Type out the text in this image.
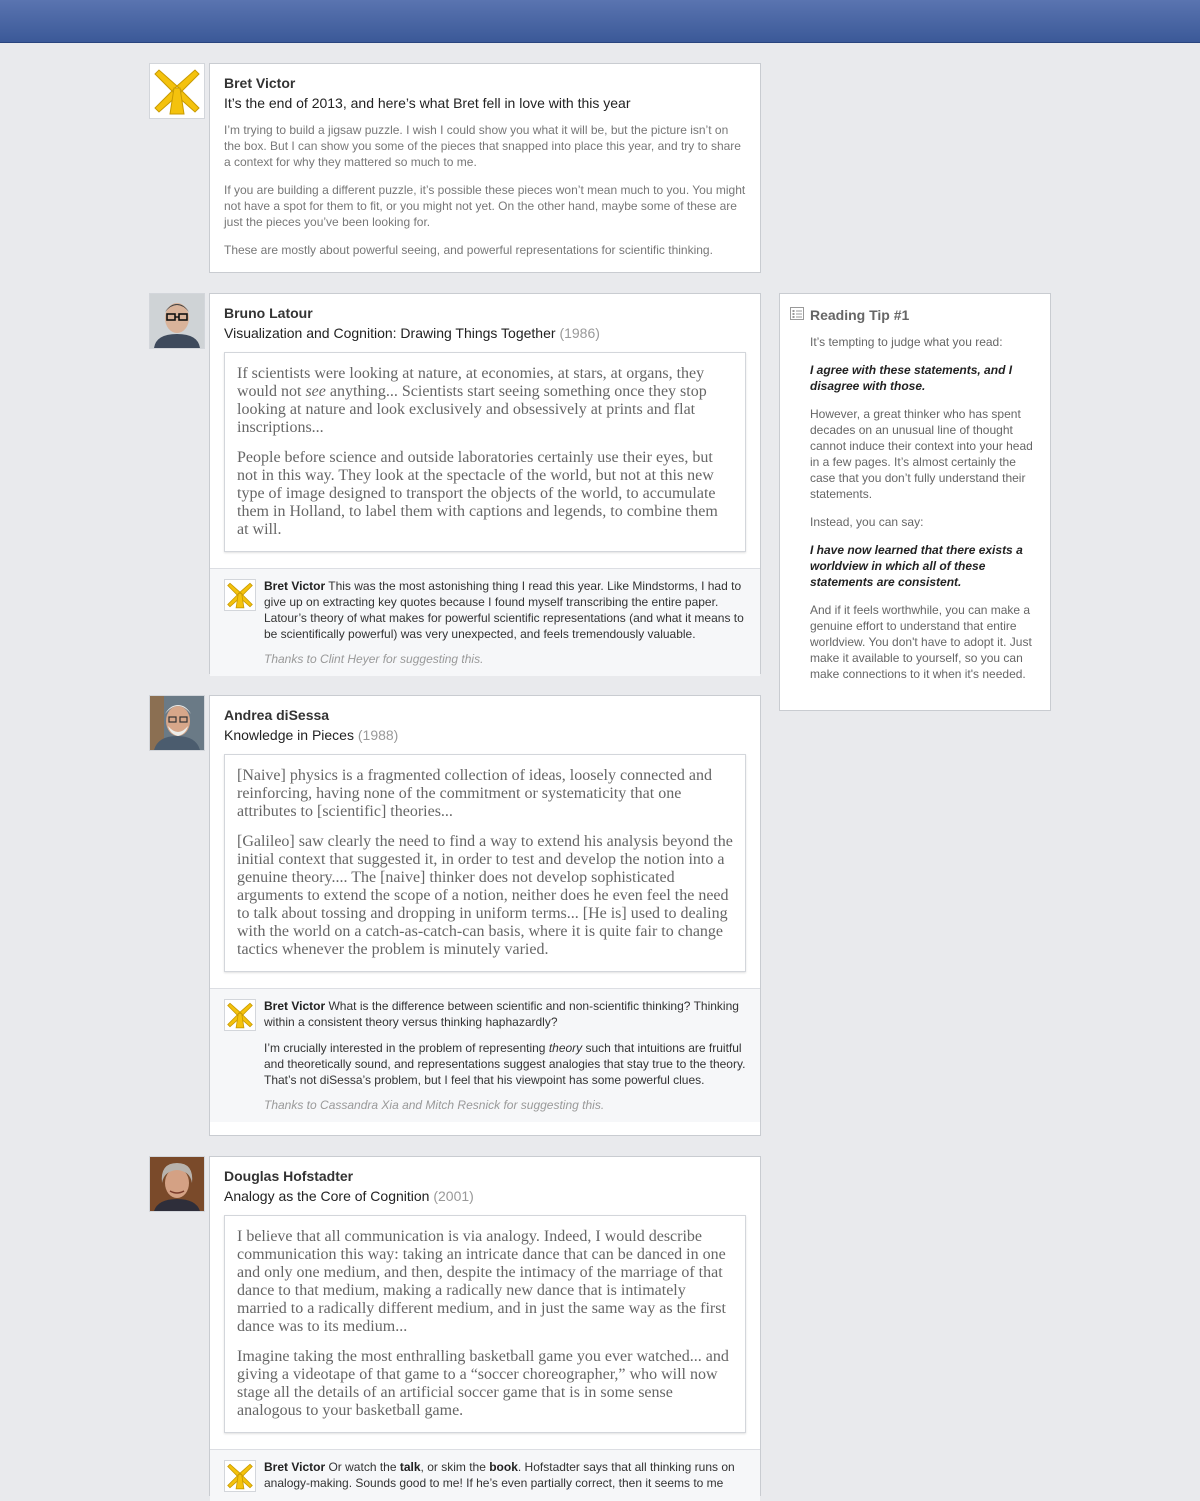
Bret Victor
It’s the end of 2013, and here’s what Bret fell in love with this year

I’m trying to build a jigsaw puzzle. I wish I could show you what it will be, but the picture isn’t on the box. But I can show you some of the pieces that snapped into place this year, and try to share a context for why they mattered so much to me.

If you are building a different puzzle, it’s possible these pieces won’t mean much to you. You might not have a spot for them to fit, or you might not yet. On the other hand, maybe some of these are just the pieces you’ve been looking for.

These are mostly about powerful seeing, and powerful representations for scientific thinking.

Bruno Latour
Visualization and Cognition: Drawing Things Together (1986)

If scientists were looking at nature, at economies, at stars, at organs, they would not see anything... Scientists start seeing something once they stop looking at nature and look exclusively and obsessively at prints and flat inscriptions...

People before science and outside laboratories certainly use their eyes, but not in this way. They look at the spectacle of the world, but not at this new type of image designed to transport the objects of the world, to accumulate them in Holland, to label them with captions and legends, to combine them at will.

Bret Victor This was the most astonishing thing I read this year. Like Mindstorms, I had to give up on extracting key quotes because I found myself transcribing the entire paper. Latour’s theory of what makes for powerful scientific representations (and what it means to be scientifically powerful) was very unexpected, and feels tremendously valuable.
Thanks to Clint Heyer for suggesting this.
Andrea diSessa
Knowledge in Pieces (1988)

[Naive] physics is a fragmented collection of ideas, loosely connected and reinforcing, having none of the commitment or systematicity that one attributes to [scientific] theories...

[Galileo] saw clearly the need to find a way to extend his analysis beyond the initial context that suggested it, in order to test and develop the notion into a genuine theory.... The [naive] thinker does not develop sophisticated arguments to extend the scope of a notion, neither does he even feel the need to talk about tossing and dropping in uniform terms... [He is] used to dealing with the world on a catch-as-catch-can basis, where it is quite fair to change tactics whenever the problem is minutely varied.

Bret Victor What is the difference between scientific and non-scientific thinking? Thinking within a consistent theory versus thinking haphazardly?

I’m crucially interested in the problem of representing theory such that intuitions are fruitful and theoretically sound, and representations suggest analogies that stay true to the theory. That’s not diSessa’s problem, but I feel that his viewpoint has some powerful clues.

Thanks to Cassandra Xia and Mitch Resnick for suggesting this.
Douglas Hofstadter
Analogy as the Core of Cognition (2001)

I believe that all communication is via analogy. Indeed, I would describe communication this way: taking an intricate dance that can be danced in one and only one medium, and then, despite the intimacy of the marriage of that dance to that medium, making a radically new dance that is intimately married to a radically different medium, and in just the same way as the first dance was to its medium...

Imagine taking the most enthralling basketball game you ever watched... and giving a videotape of that game to a “soccer choreographer,” who will now stage all the details of an artificial soccer game that is in some sense analogous to your basketball game.

Bret Victor Or watch the talk, or skim the book. Hofstadter says that all thinking runs on analogy-making. Sounds good to me! If he’s even partially correct, then it seems to me
Reading Tip #1

It’s tempting to judge what you read:

I agree with these statements, and I disagree with those.

However, a great thinker who has spent decades on an unusual line of thought cannot induce their context into your head in a few pages. It’s almost certainly the case that you don’t fully understand their statements.

Instead, you can say:

I have now learned that there exists a worldview in which all of these statements are consistent.

And if it feels worthwhile, you can make a genuine effort to understand that entire worldview. You don't have to adopt it. Just make it available to yourself, so you can make connections to it when it's needed.
